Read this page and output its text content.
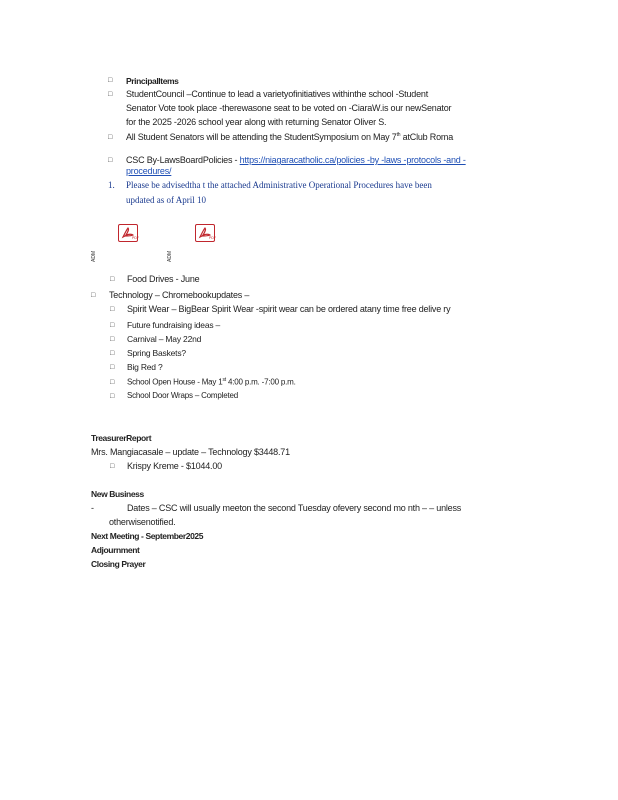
□ PrincipalItems
□ StudentCouncil –Continue to lead a varietyofinitiatives withinthe school -Student
Senator Vote took place -therewasone seat to be voted on -CiaraW.is our newSenator
for the 2025 -2026 school year along with returning Senator Oliver S.
□ All Student Senators will be attending the StudentSymposium on May 7th atClub Roma
□ CSC By-LawsBoardPolicies - https://niagaracatholic.ca/policies -by -laws -protocols -and -
procedures/
1. Please be advisedtha t the attached Administrative Operational Procedures have been
updated as of April 10
PDF	PDF
ADM	ADM
□ Food Drives - June
□ Technology – Chromebookupdates –
□ Spirit Wear – BigBear Spirit Wear -spirit wear can be ordered atany time free delive ry
□ Future fundraising ideas –
□ Carnival – May 22nd
□ Spring Baskets?
□ Big Red ?
□ School Open House - May 1st 4:00 p.m. -7:00 p.m.
□ School Door Wraps – Completed
TreasurerReport
Mrs. Mangiacasale – update – Technology $3448.71
□ Krispy Kreme - $1044.00
New Business
-	Dates – CSC will usually meeton the second Tuesday ofevery second mo nth – – unless
otherwisenotified.
Next Meeting - September2025
Adjournment
Closing Prayer
